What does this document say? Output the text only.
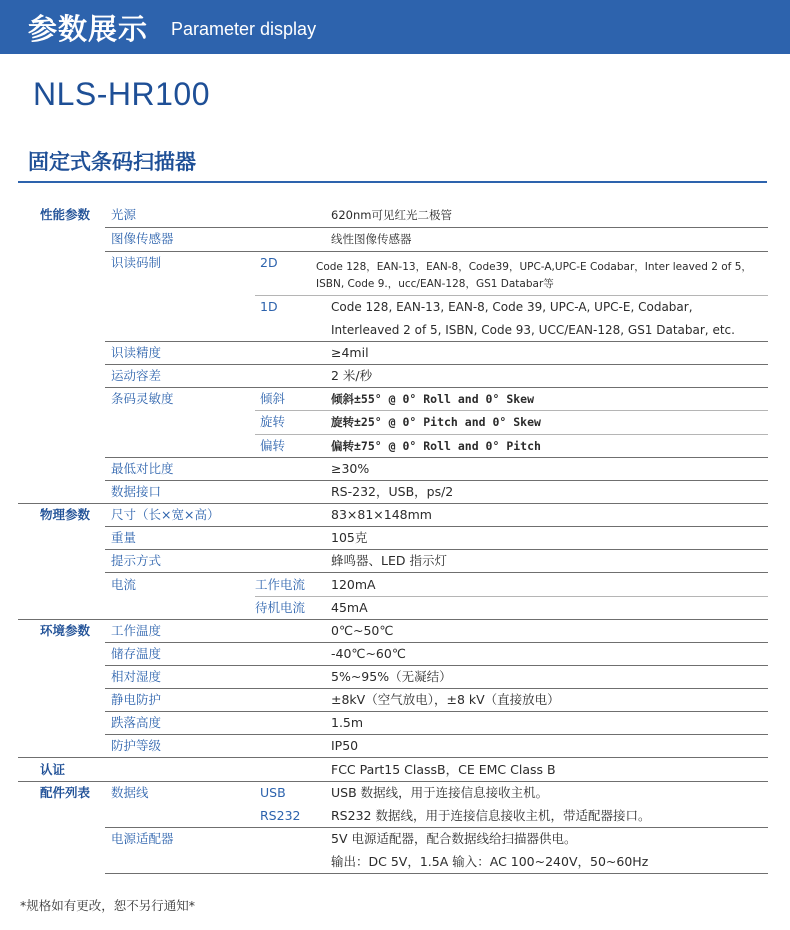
参数展示 Parameter display
NLS-HR100
固定式条码扫描器
性能参数 光源	620nm可见红光二极管
图像传感器	线性图像传感器
识读码制	2D	Code 128，EAN-13，EAN-8，Code39，UPC-A,UPC-E Codabar，Inter leaved 2 of 5，
ISBN, Code 9.，ucc/EAN-128，GS1 Databar等
1D	Code 128, EAN-13, EAN-8, Code 39, UPC-A, UPC-E, Codabar,
Interleaved 2 of 5, ISBN, Code 93, UCC/EAN-128, GS1 Databar, etc.
识读精度	≥4mil
运动容差	2 米/秒
条码灵敏度	倾斜	倾斜±55° @ 0° Roll and 0° Skew
旋转	旋转±25° @ 0° Pitch and 0° Skew
偏转	偏转±75° @ 0° Roll and 0° Pitch
最低对比度	≥30%
数据接口	RS-232，USB，ps/2
物理参数 尺寸（长×宽×高）	83×81×148mm
重量	105克
提示方式	蜂鸣器、LED 指示灯
电流	工作电流 120mA
待机电流 45mA
环境参数 工作温度	0℃~50℃
储存温度	-40℃~60℃
相对湿度	5%~95%（无凝结）
静电防护	±8kV（空气放电），±8 kV（直接放电）
跌落高度	1.5m
防护等级	IP50
认证	FCC Part15 ClassB，CE EMC Class B
配件列表 数据线	USB	USB 数据线，用于连接信息接收主机。
RS232 RS232 数据线，用于连接信息接收主机，带适配器接口。
电源适配器	5V 电源适配器，配合数据线给扫描器供电。
输出：DC 5V，1.5A 输入：AC 100~240V，50~60Hz
*规格如有更改，恕不另行通知*
